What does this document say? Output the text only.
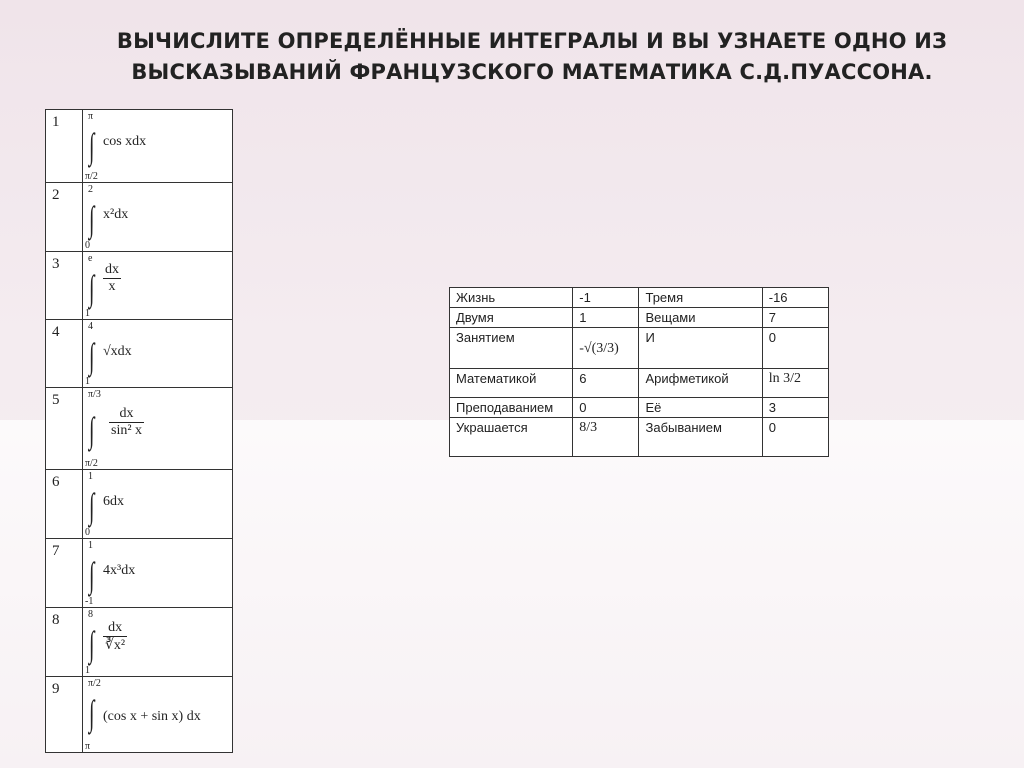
ВЫЧИСЛИТЕ ОПРЕДЕЛЁННЫЕ ИНТЕГРАЛЫ И ВЫ УЗНАЕТЕ ОДНО ИЗ
ВЫСКАЗЫВАНИЙ ФРАНЦУЗСКОГО МАТЕМАТИКА С.Д.ПУАССОНА.
1	π
∫ cos xdx
π/2

2	2
∫ x²dx
0

3	e
∫ $\frac{dx}{x}$
1

4	4
∫ √xdx
1

5	π/3
∫ $\frac{dx}{\text{sin² x}}$
π/2

6	1
∫ 6dx
0

7	1
∫ 4x³dx
-1

8	8
∫ $\frac{dx}{\text{∛x²}}$
1

9	π/2
∫ (cos x + sin x) dx
π
Жизнь	-1	Тремя	-16
Двумя	1	Вещами	7
Занятием	-√(3/3)	И	0
Математикой	6	Арифметикой	ln 3/2
Преподаванием	0	Её	3
Украшается	8/3	Забыванием	0
